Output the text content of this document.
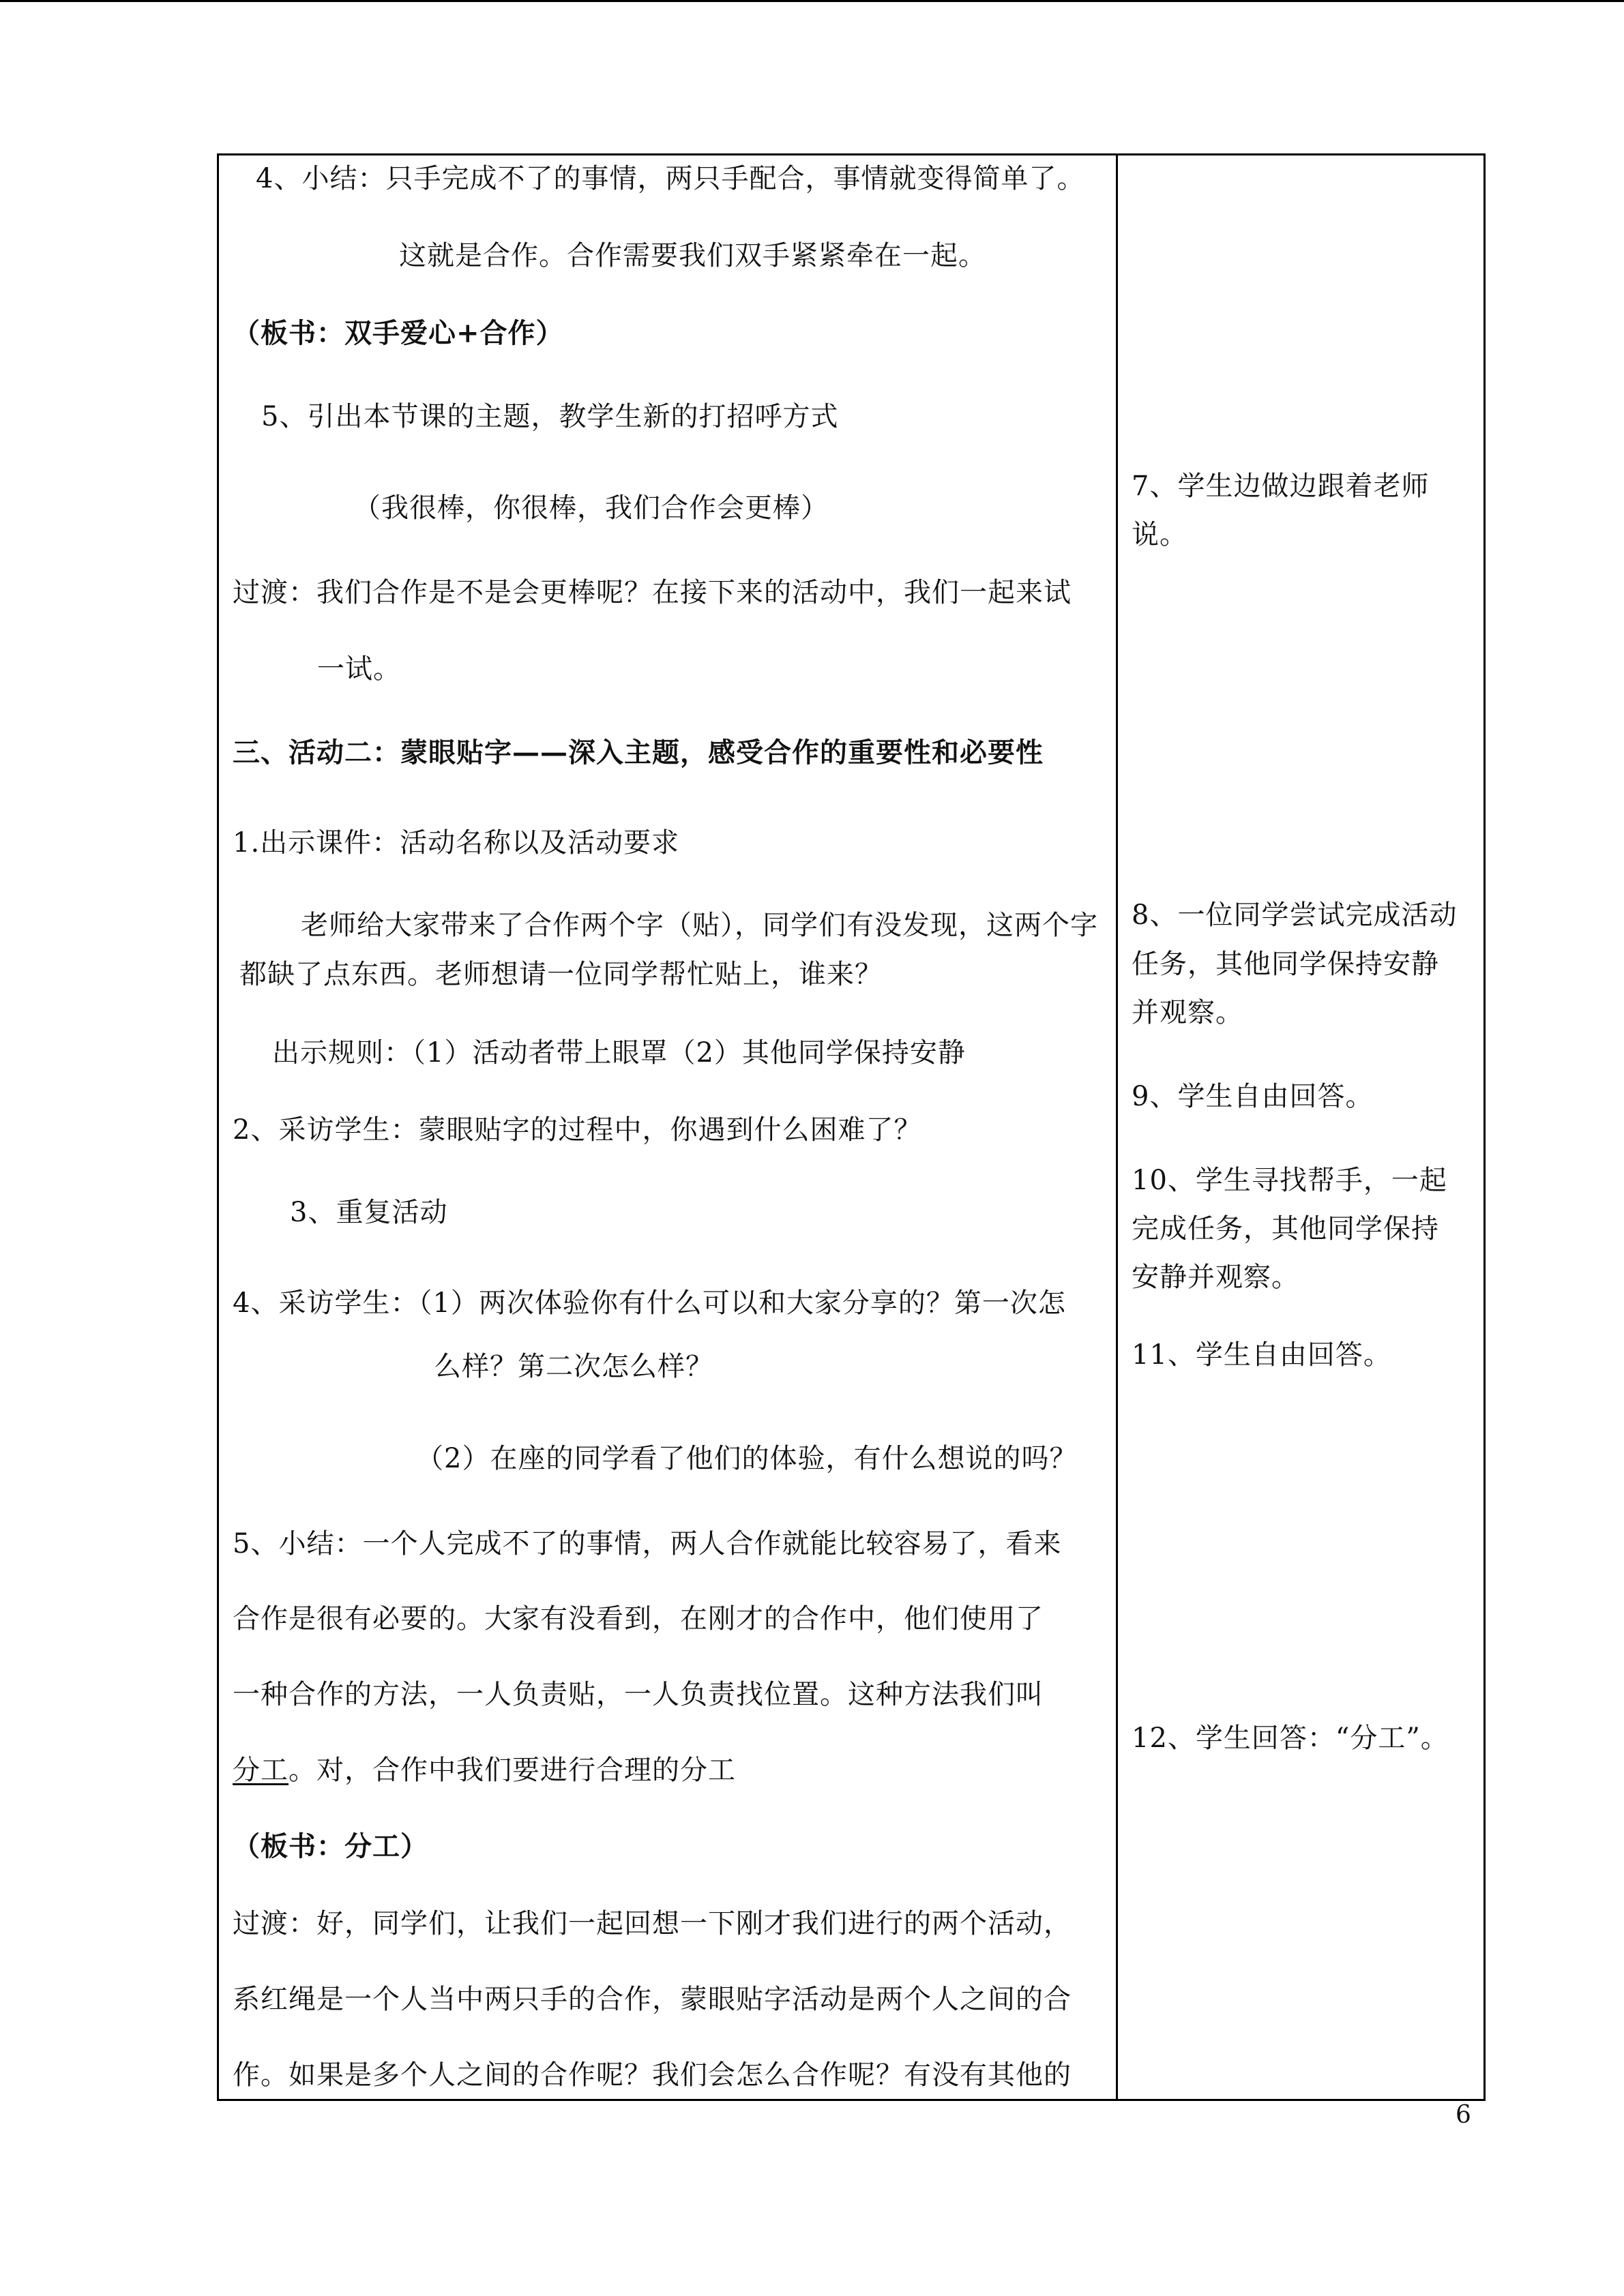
4、小结：只手完成不了的事情，两只手配合，事情就变得简单了。
这就是合作。合作需要我们双手紧紧牵在一起。
（板书：双手爱心+合作）
5、引出本节课的主题，教学生新的打招呼方式
（我很棒，你很棒，我们合作会更棒）
过渡：我们合作是不是会更棒呢？在接下来的活动中，我们一起来试
一试。
三、活动二：蒙眼贴字——深入主题，感受合作的重要性和必要性
1.出示课件：活动名称以及活动要求
老师给大家带来了合作两个字（贴），同学们有没发现，这两个字
都缺了点东西。老师想请一位同学帮忙贴上，谁来？
出示规则：（1）活动者带上眼罩（2）其他同学保持安静
2、采访学生：蒙眼贴字的过程中，你遇到什么困难了？
3、重复活动
4、采访学生：（1）两次体验你有什么可以和大家分享的？第一次怎
么样？第二次怎么样？
（2）在座的同学看了他们的体验，有什么想说的吗？
5、小结：一个人完成不了的事情，两人合作就能比较容易了，看来
合作是很有必要的。大家有没看到，在刚才的合作中，他们使用了
一种合作的方法，一人负责贴，一人负责找位置。这种方法我们叫
分工。对，合作中我们要进行合理的分工
（板书：分工）
过渡：好，同学们，让我们一起回想一下刚才我们进行的两个活动，
系红绳是一个人当中两只手的合作，蒙眼贴字活动是两个人之间的合
作。如果是多个人之间的合作呢？我们会怎么合作呢？有没有其他的
7、学生边做边跟着老师
说。
8、一位同学尝试完成活动
任务，其他同学保持安静
并观察。
9、学生自由回答。
10、学生寻找帮手，一起
完成任务，其他同学保持
安静并观察。
11、学生自由回答。
12、学生回答：“分工”。
6
